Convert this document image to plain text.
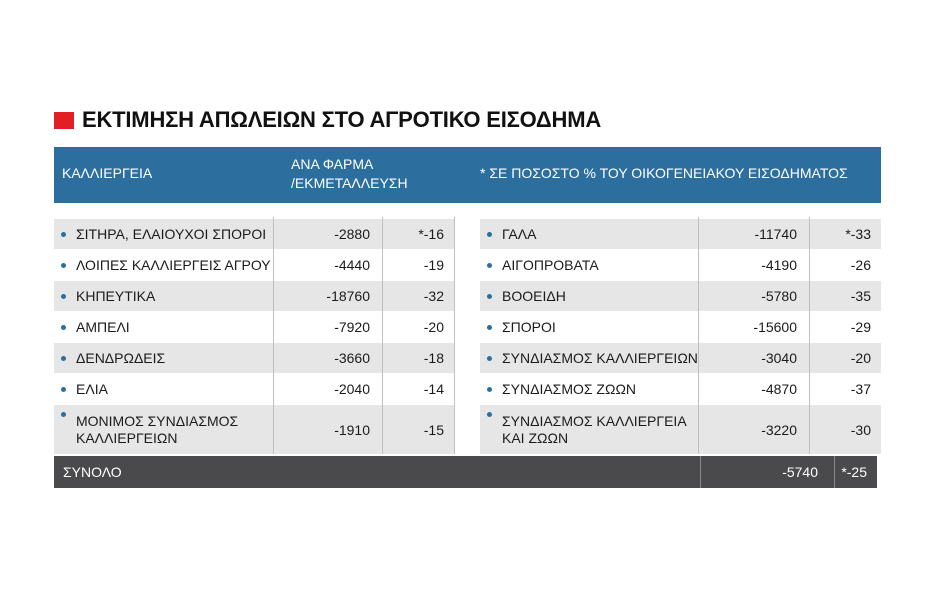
ΕΚΤΙΜΗΣΗ ΑΠΩΛΕΙΩΝ ΣΤΟ ΑΓΡΟΤΙΚΟ ΕΙΣΟΔΗΜΑ
ΚΑΛΛΙΕΡΓΕΙΑ
ΑΝΑ ΦΑΡΜΑ
/ΕΚΜΕΤΑΛΛΕΥΣΗ
* ΣΕ ΠΟΣΟΣΤΟ % ΤΟΥ ΟΙΚΟΓΕΝΕΙΑΚΟΥ ΕΙΣΟΔΗΜΑΤΟΣ
ΣΙΤΗΡΑ, ΕΛΑΙΟΥΧΟΙ ΣΠΟΡΟΙ	-2880	*-16
ΛΟΙΠΕΣ ΚΑΛΛΙΕΡΓΕΙΣ ΑΓΡΟΥ	-4440	-19
ΚΗΠΕΥΤΙΚΑ	-18760	-32
ΑΜΠΕΛΙ	-7920	-20
ΔΕΝΔΡΩΔΕΙΣ	-3660	-18
ΕΛΙΑ	-2040	-14
ΜΟΝΙΜΟΣ ΣΥΝΔΙΑΣΜΟΣ
ΚΑΛΛΙΕΡΓΕΙΩΝ	-1910	-15
ΓΑΛΑ	-11740	*-33
ΑΙΓΟΠΡΟΒΑΤΑ	-4190	-26
ΒΟΟΕΙΔΗ	-5780	-35
ΣΠΟΡΟΙ	-15600	-29
ΣΥΝΔΙΑΣΜΟΣ ΚΑΛΛΙΕΡΓΕΙΩΝ	-3040	-20
ΣΥΝΔΙΑΣΜΟΣ ΖΩΩΝ	-4870	-37
ΣΥΝΔΙΑΣΜΟΣ ΚΑΛΛΙΕΡΓΕΙΑ
ΚΑΙ ΖΩΩΝ	-3220	-30
ΣΥΝΟΛΟ	-5740	*-25
